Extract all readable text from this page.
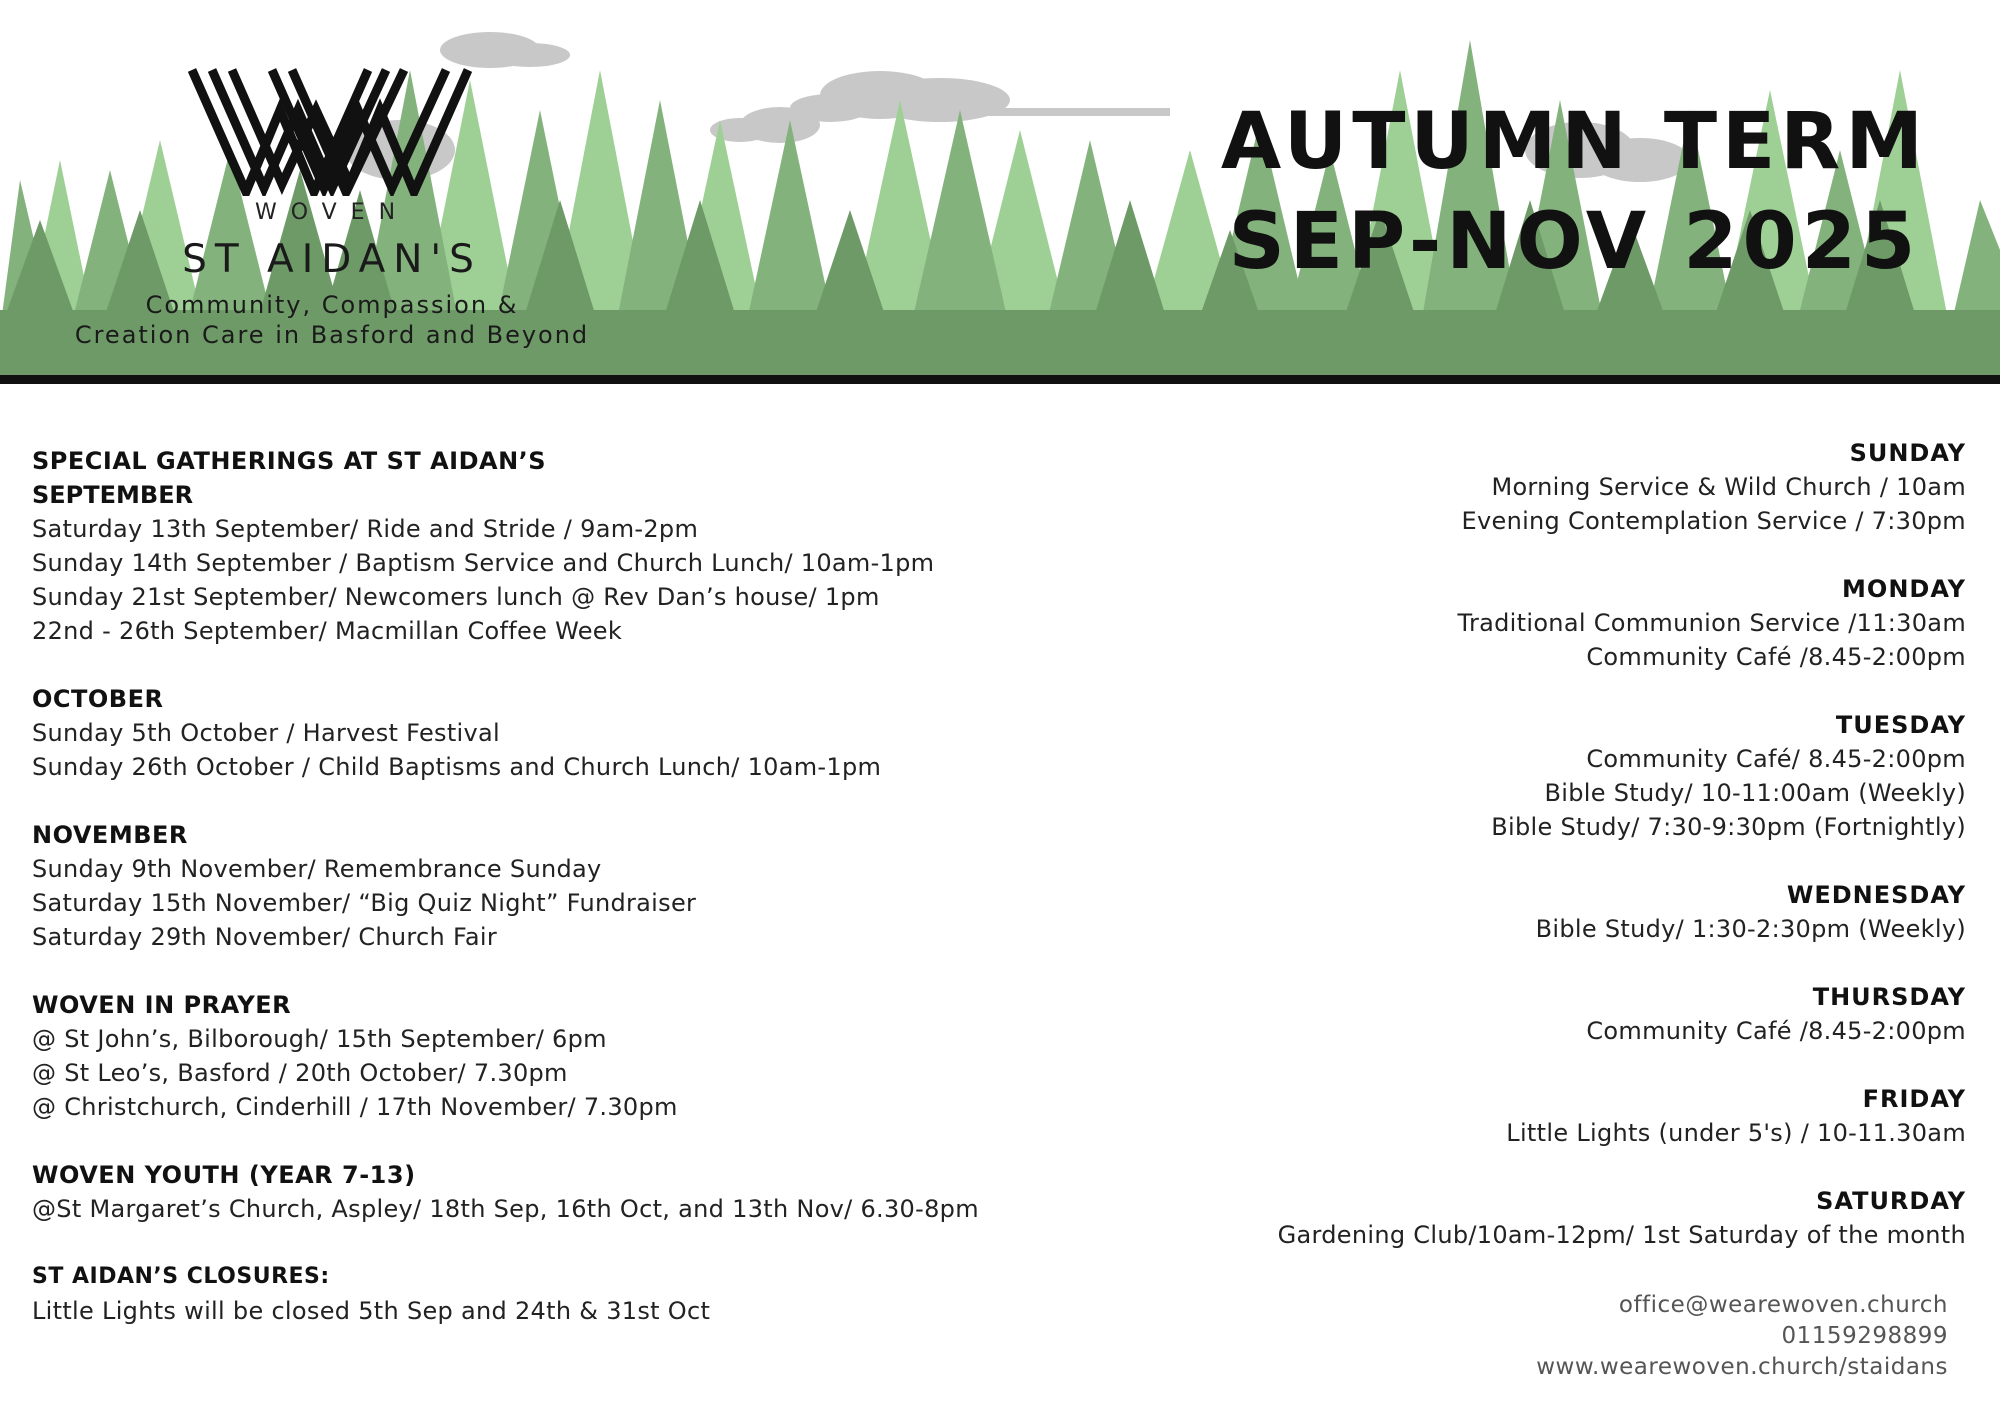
WOVEN
ST AIDAN'S
Community, Compassion &
Creation Care in Basford and Beyond
AUTUMN TERM
SEP-NOV 2025
SPECIAL GATHERINGS AT ST AIDAN’S
SEPTEMBER
Saturday 13th September/ Ride and Stride / 9am-2pm
Sunday 14th September / Baptism Service and Church Lunch/ 10am-1pm
Sunday 21st September/ Newcomers lunch @ Rev Dan’s house/ 1pm
22nd - 26th September/ Macmillan Coffee Week
OCTOBER
Sunday 5th October / Harvest Festival
Sunday 26th October / Child Baptisms and Church Lunch/ 10am-1pm
NOVEMBER
Sunday 9th November/ Remembrance Sunday
Saturday 15th November/ “Big Quiz Night” Fundraiser
Saturday 29th November/ Church Fair
WOVEN IN PRAYER
@ St John’s, Bilborough/ 15th September/ 6pm
@ St Leo’s, Basford / 20th October/ 7.30pm
@ Christchurch, Cinderhill / 17th November/ 7.30pm
WOVEN YOUTH (YEAR 7-13)
@St Margaret’s Church, Aspley/ 18th Sep, 16th Oct, and 13th Nov/ 6.30-8pm
ST AIDAN’S CLOSURES:
Little Lights will be closed 5th Sep and 24th & 31st Oct
SUNDAY
Morning Service & Wild Church / 10am
Evening Contemplation Service / 7:30pm
MONDAY
Traditional Communion Service /11:30am
Community Café /8.45-2:00pm
TUESDAY
Community Café/ 8.45-2:00pm
Bible Study/ 10-11:00am (Weekly)
Bible Study/ 7:30-9:30pm (Fortnightly)
WEDNESDAY
Bible Study/ 1:30-2:30pm (Weekly)
THURSDAY
Community Café /8.45-2:00pm
FRIDAY
Little Lights (under 5's) / 10-11.30am
SATURDAY
Gardening Club/10am-12pm/ 1st Saturday of the month
office@wearewoven.church
01159298899
www.wearewoven.church/staidans
